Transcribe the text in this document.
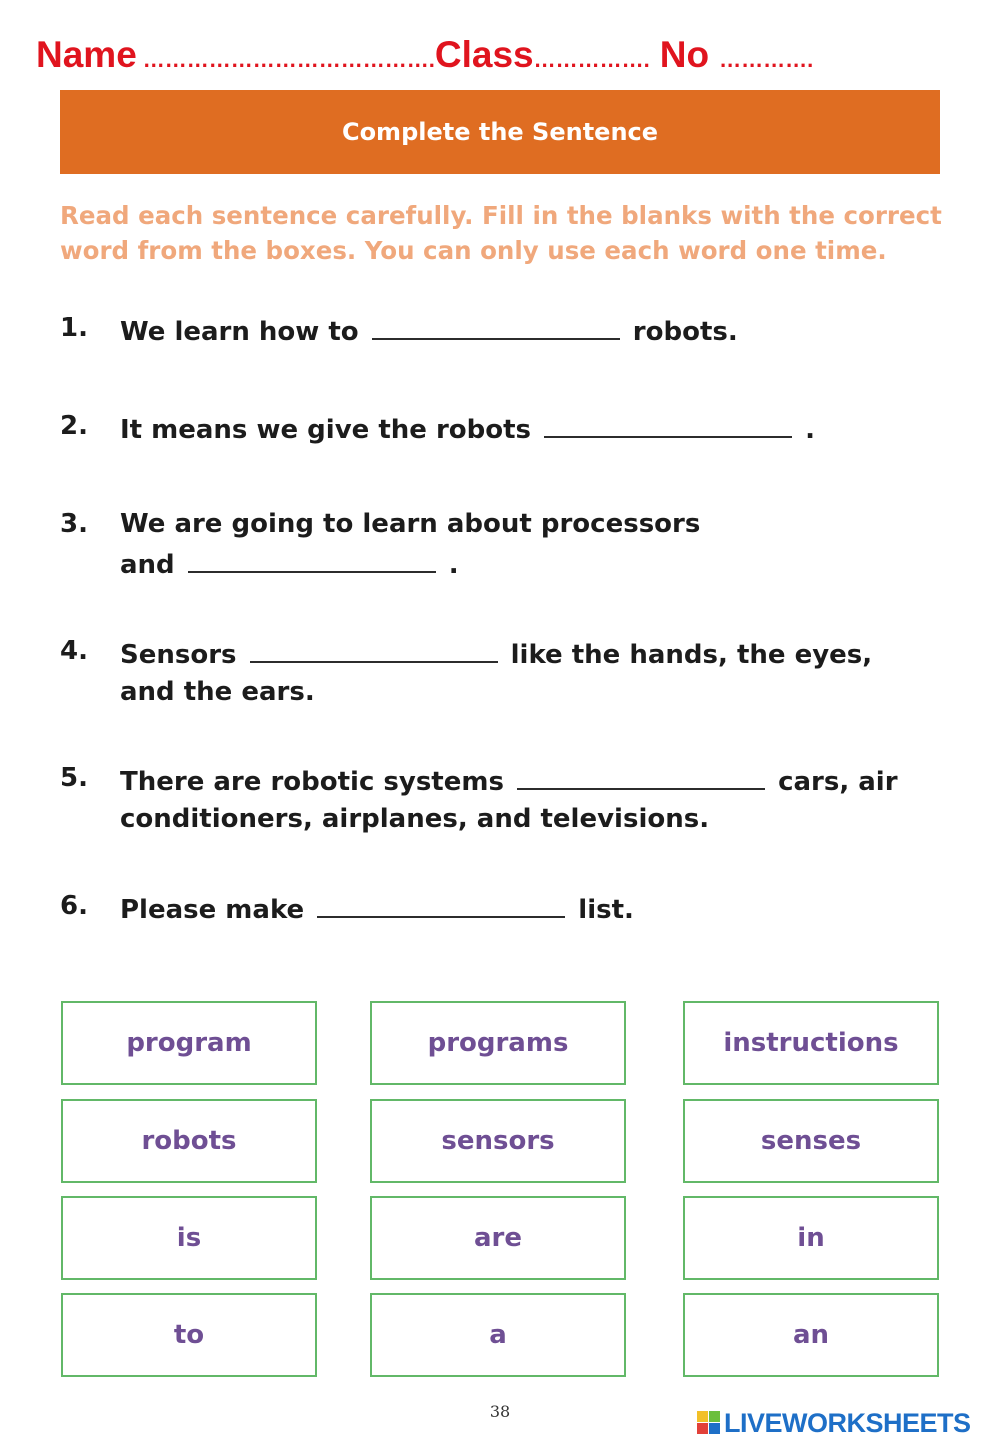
Name …………………………………. Class ……………. No ………….
Complete the Sentence
Read each sentence carefully. Fill in the blanks with the correct
word from the boxes. You can only use each word one time.
1.	We learn how to	robots.
2.	It means we give the robots	.
3.	We are going to learn about processors
and	.
4.	Sensors	like the hands, the eyes,
and the ears.
5.	There are robotic systems	cars, air
conditioners, airplanes, and televisions.
6.	Please make	list.
program	programs	instructions
robots	sensors	senses
is	are	in
to	a	an
38	LIVEWORKSHEETS
